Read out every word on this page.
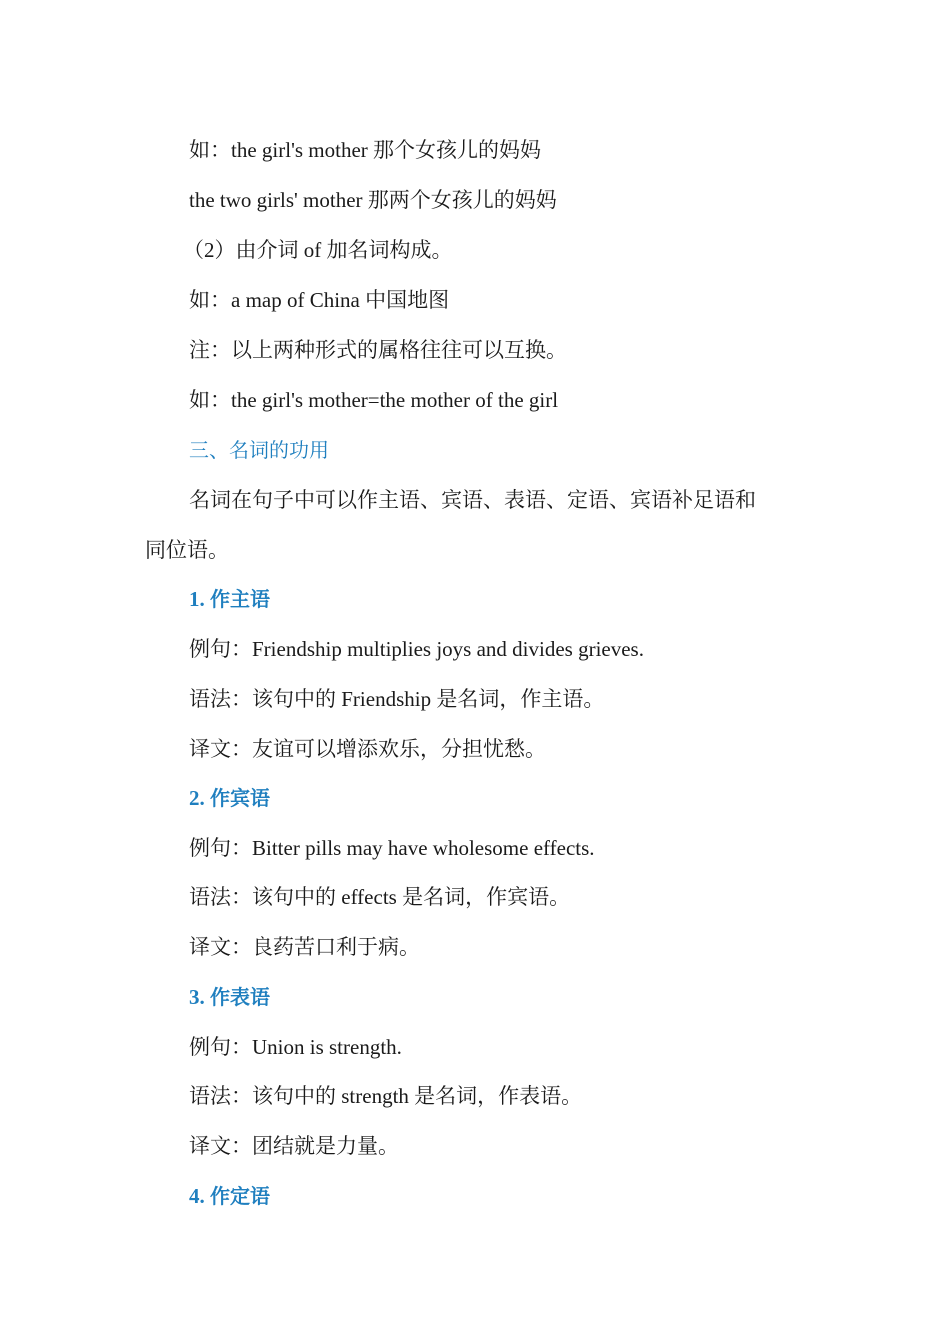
如：the girl's mother 那个女孩儿的妈妈
the two girls' mother 那两个女孩儿的妈妈
（2）由介词 of 加名词构成。
如：a map of China 中国地图
注：以上两种形式的属格往往可以互换。
如：the girl's mother=the mother of the girl
三、名词的功用
名词在句子中可以作主语、宾语、表语、定语、宾语补足语和
同位语。
1. 作主语
例句：Friendship multiplies joys and divides grieves.
语法：该句中的 Friendship 是名词，作主语。
译文：友谊可以增添欢乐，分担忧愁。
2. 作宾语
例句：Bitter pills may have wholesome effects.
语法：该句中的 effects 是名词，作宾语。
译文：良药苦口利于病。
3. 作表语
例句：Union is strength.
语法：该句中的 strength 是名词，作表语。
译文：团结就是力量。
4. 作定语
